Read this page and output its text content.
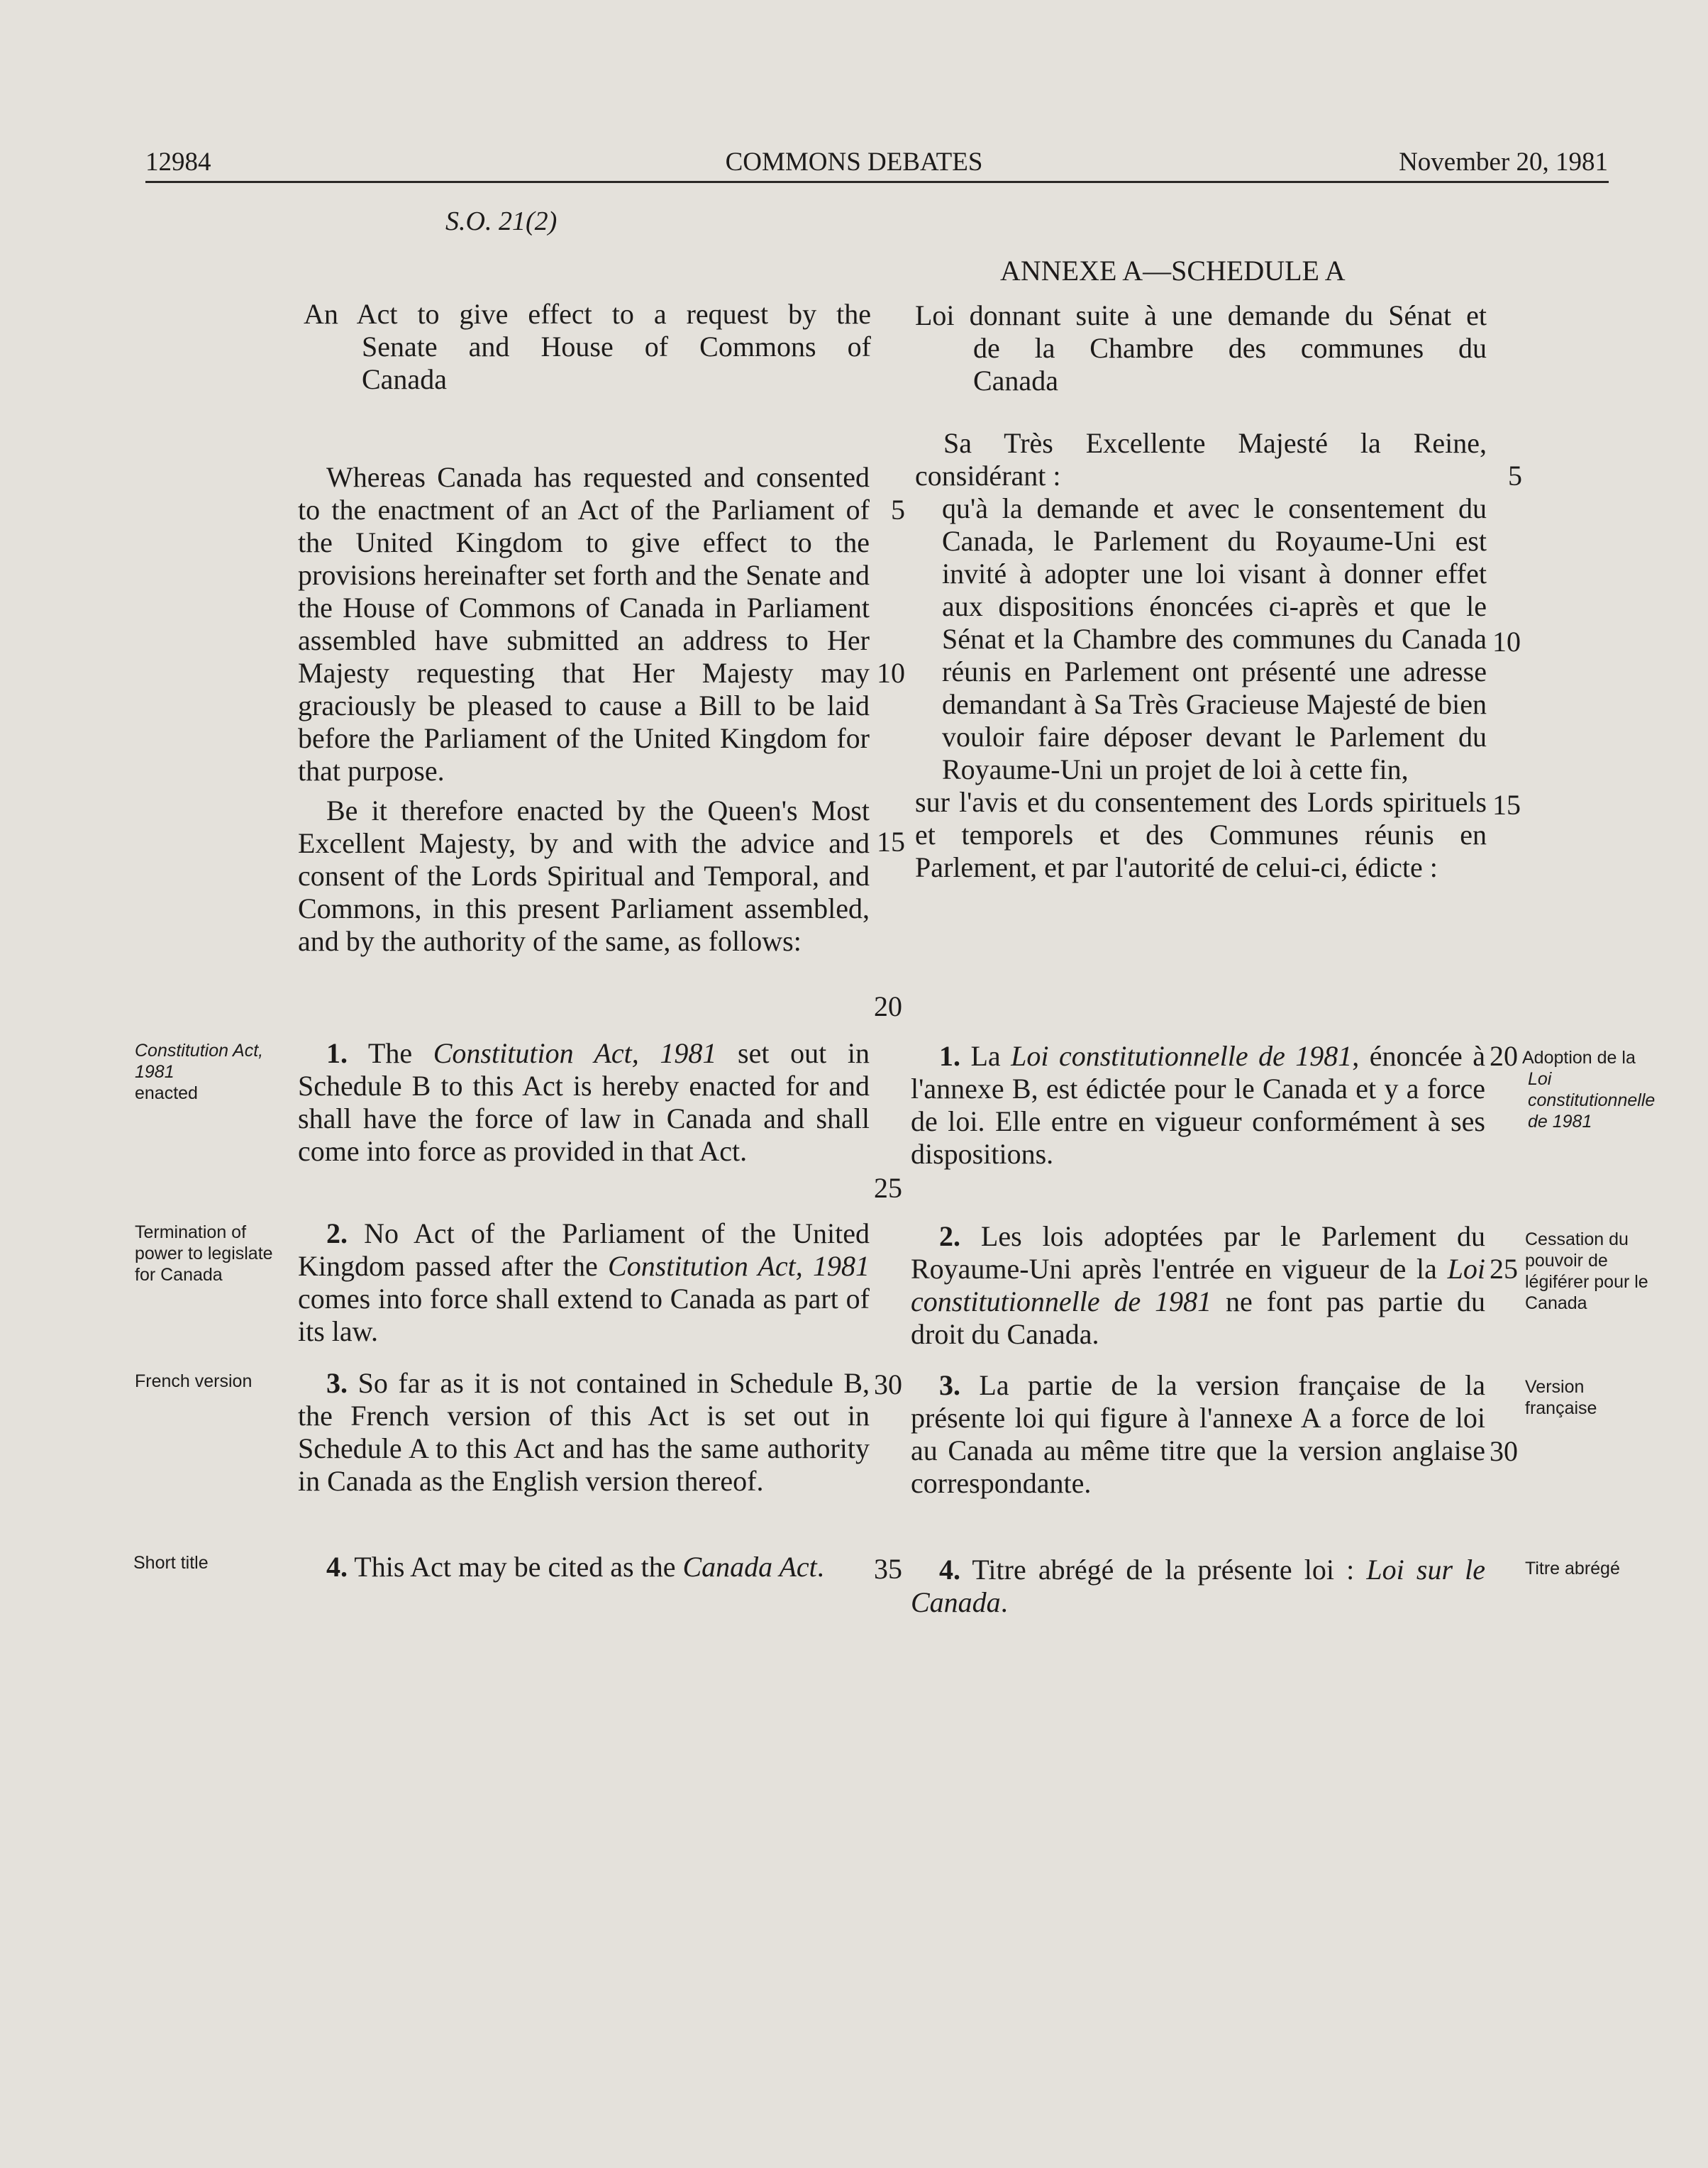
12984	COMMONS DEBATES	November 20, 1981
S.O. 21(2)
ANNEXE A—SCHEDULE A
An Act to give effect to a request by the
Senate and House of Commons of
Canada
Loi donnant suite à une demande du Sénat et
de la Chambre des communes du
Canada

Whereas Canada has requested and consented to the enactment of an Act of the Parliament of the United Kingdom to give effect to the provisions hereinafter set forth and the Senate and the House of Commons of Canada in Parliament assembled have submitted an address to Her Majesty requesting that Her Majesty may graciously be pleased to cause a Bill to be laid before the Parliament of the United Kingdom for that purpose.

Be it therefore enacted by the Queen's Most Excellent Majesty, by and with the advice and consent of the Lords Spiritual and Temporal, and Commons, in this present Parliament assembled, and by the authority of the same, as follows:

Sa Très Excellente Majesté la Reine,

considérant :

qu'à la demande et avec le consentement du Canada, le Parlement du Royaume-Uni est invité à adopter une loi visant à donner effet aux dispositions énoncées ci-après et que le Sénat et la Chambre des communes du Canada réunis en Parlement ont présenté une adresse demandant à Sa Très Gracieuse Majesté de bien vouloir faire déposer devant le Parlement du Royaume-Uni un projet de loi à cette fin,

sur l'avis et du consentement des Lords spirituels et temporels et des Communes réunis en Parlement, et par l'autorité de celui-ci, édicte :

1. The Constitution Act, 1981 set out in Schedule B to this Act is hereby enacted for and shall have the force of law in Canada and shall come into force as provided in that Act.

2. No Act of the Parliament of the United Kingdom passed after the Constitution Act, 1981 comes into force shall extend to Canada as part of its law.

3. So far as it is not contained in Schedule B, the French version of this Act is set out in Schedule A to this Act and has the same authority in Canada as the English version thereof.

4. This Act may be cited as the Canada Act.

1. La Loi constitutionnelle de 1981, énoncée à l'annexe B, est édictée pour le Canada et y a force de loi. Elle entre en vigueur conformément à ses dispositions.

2. Les lois adoptées par le Parlement du Royaume-Uni après l'entrée en vigueur de la Loi constitutionnelle de 1981 ne font pas partie du droit du Canada.

3. La partie de la version française de la présente loi qui figure à l'annexe A a force de loi au Canada au même titre que la version anglaise correspondante.

4. Titre abrégé de la présente loi : Loi sur le Canada.

5
10
15
20
25
30
35
5
10
15
20
25
30
Constitution Act, 1981
enacted
Termination of power to legislate for Canada
French version
Short title
Adoption de la
Loi constitutionnelle de 1981
Cessation du pouvoir de légiférer pour le Canada
Version française
Titre abrégé
